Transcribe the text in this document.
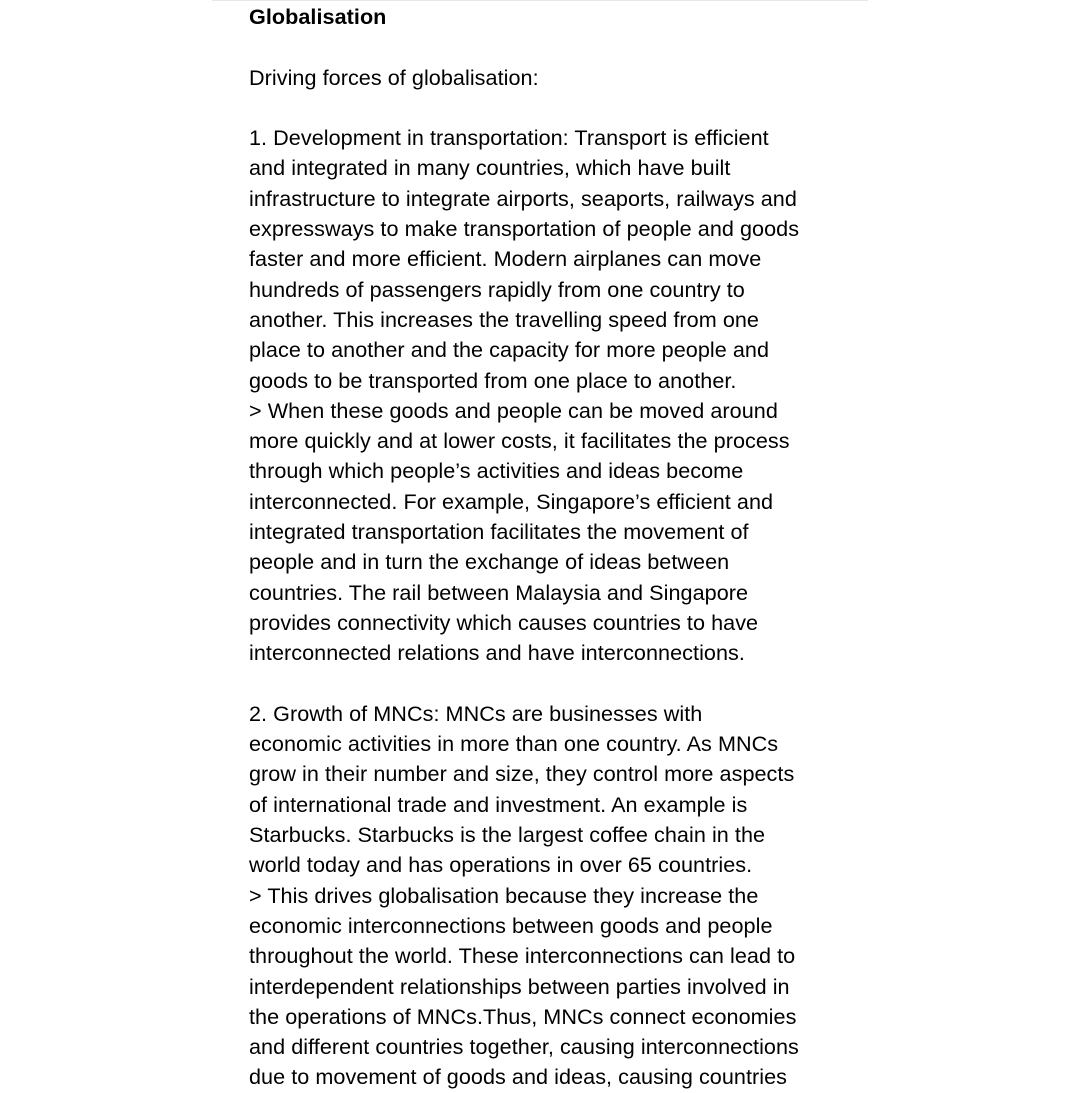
Globalisation
Driving forces of globalisation:
1. Development in transportation: Transport is efficient
and integrated in many countries, which have built
infrastructure to integrate airports, seaports, railways and
expressways to make transportation of people and goods
faster and more efficient. Modern airplanes can move
hundreds of passengers rapidly from one country to
another. This increases the travelling speed from one
place to another and the capacity for more people and
goods to be transported from one place to another.
> When these goods and people can be moved around
more quickly and at lower costs, it facilitates the process
through which people’s activities and ideas become
interconnected. For example, Singapore’s efficient and
integrated transportation facilitates the movement of
people and in turn the exchange of ideas between
countries. The rail between Malaysia and Singapore
provides connectivity which causes countries to have
interconnected relations and have interconnections.
2. Growth of MNCs: MNCs are businesses with
economic activities in more than one country. As MNCs
grow in their number and size, they control more aspects
of international trade and investment. An example is
Starbucks. Starbucks is the largest coffee chain in the
world today and has operations in over 65 countries.
> This drives globalisation because they increase the
economic interconnections between goods and people
throughout the world. These interconnections can lead to
interdependent relationships between parties involved in
the operations of MNCs.Thus, MNCs connect economies
and different countries together, causing interconnections
due to movement of goods and ideas, causing countries
